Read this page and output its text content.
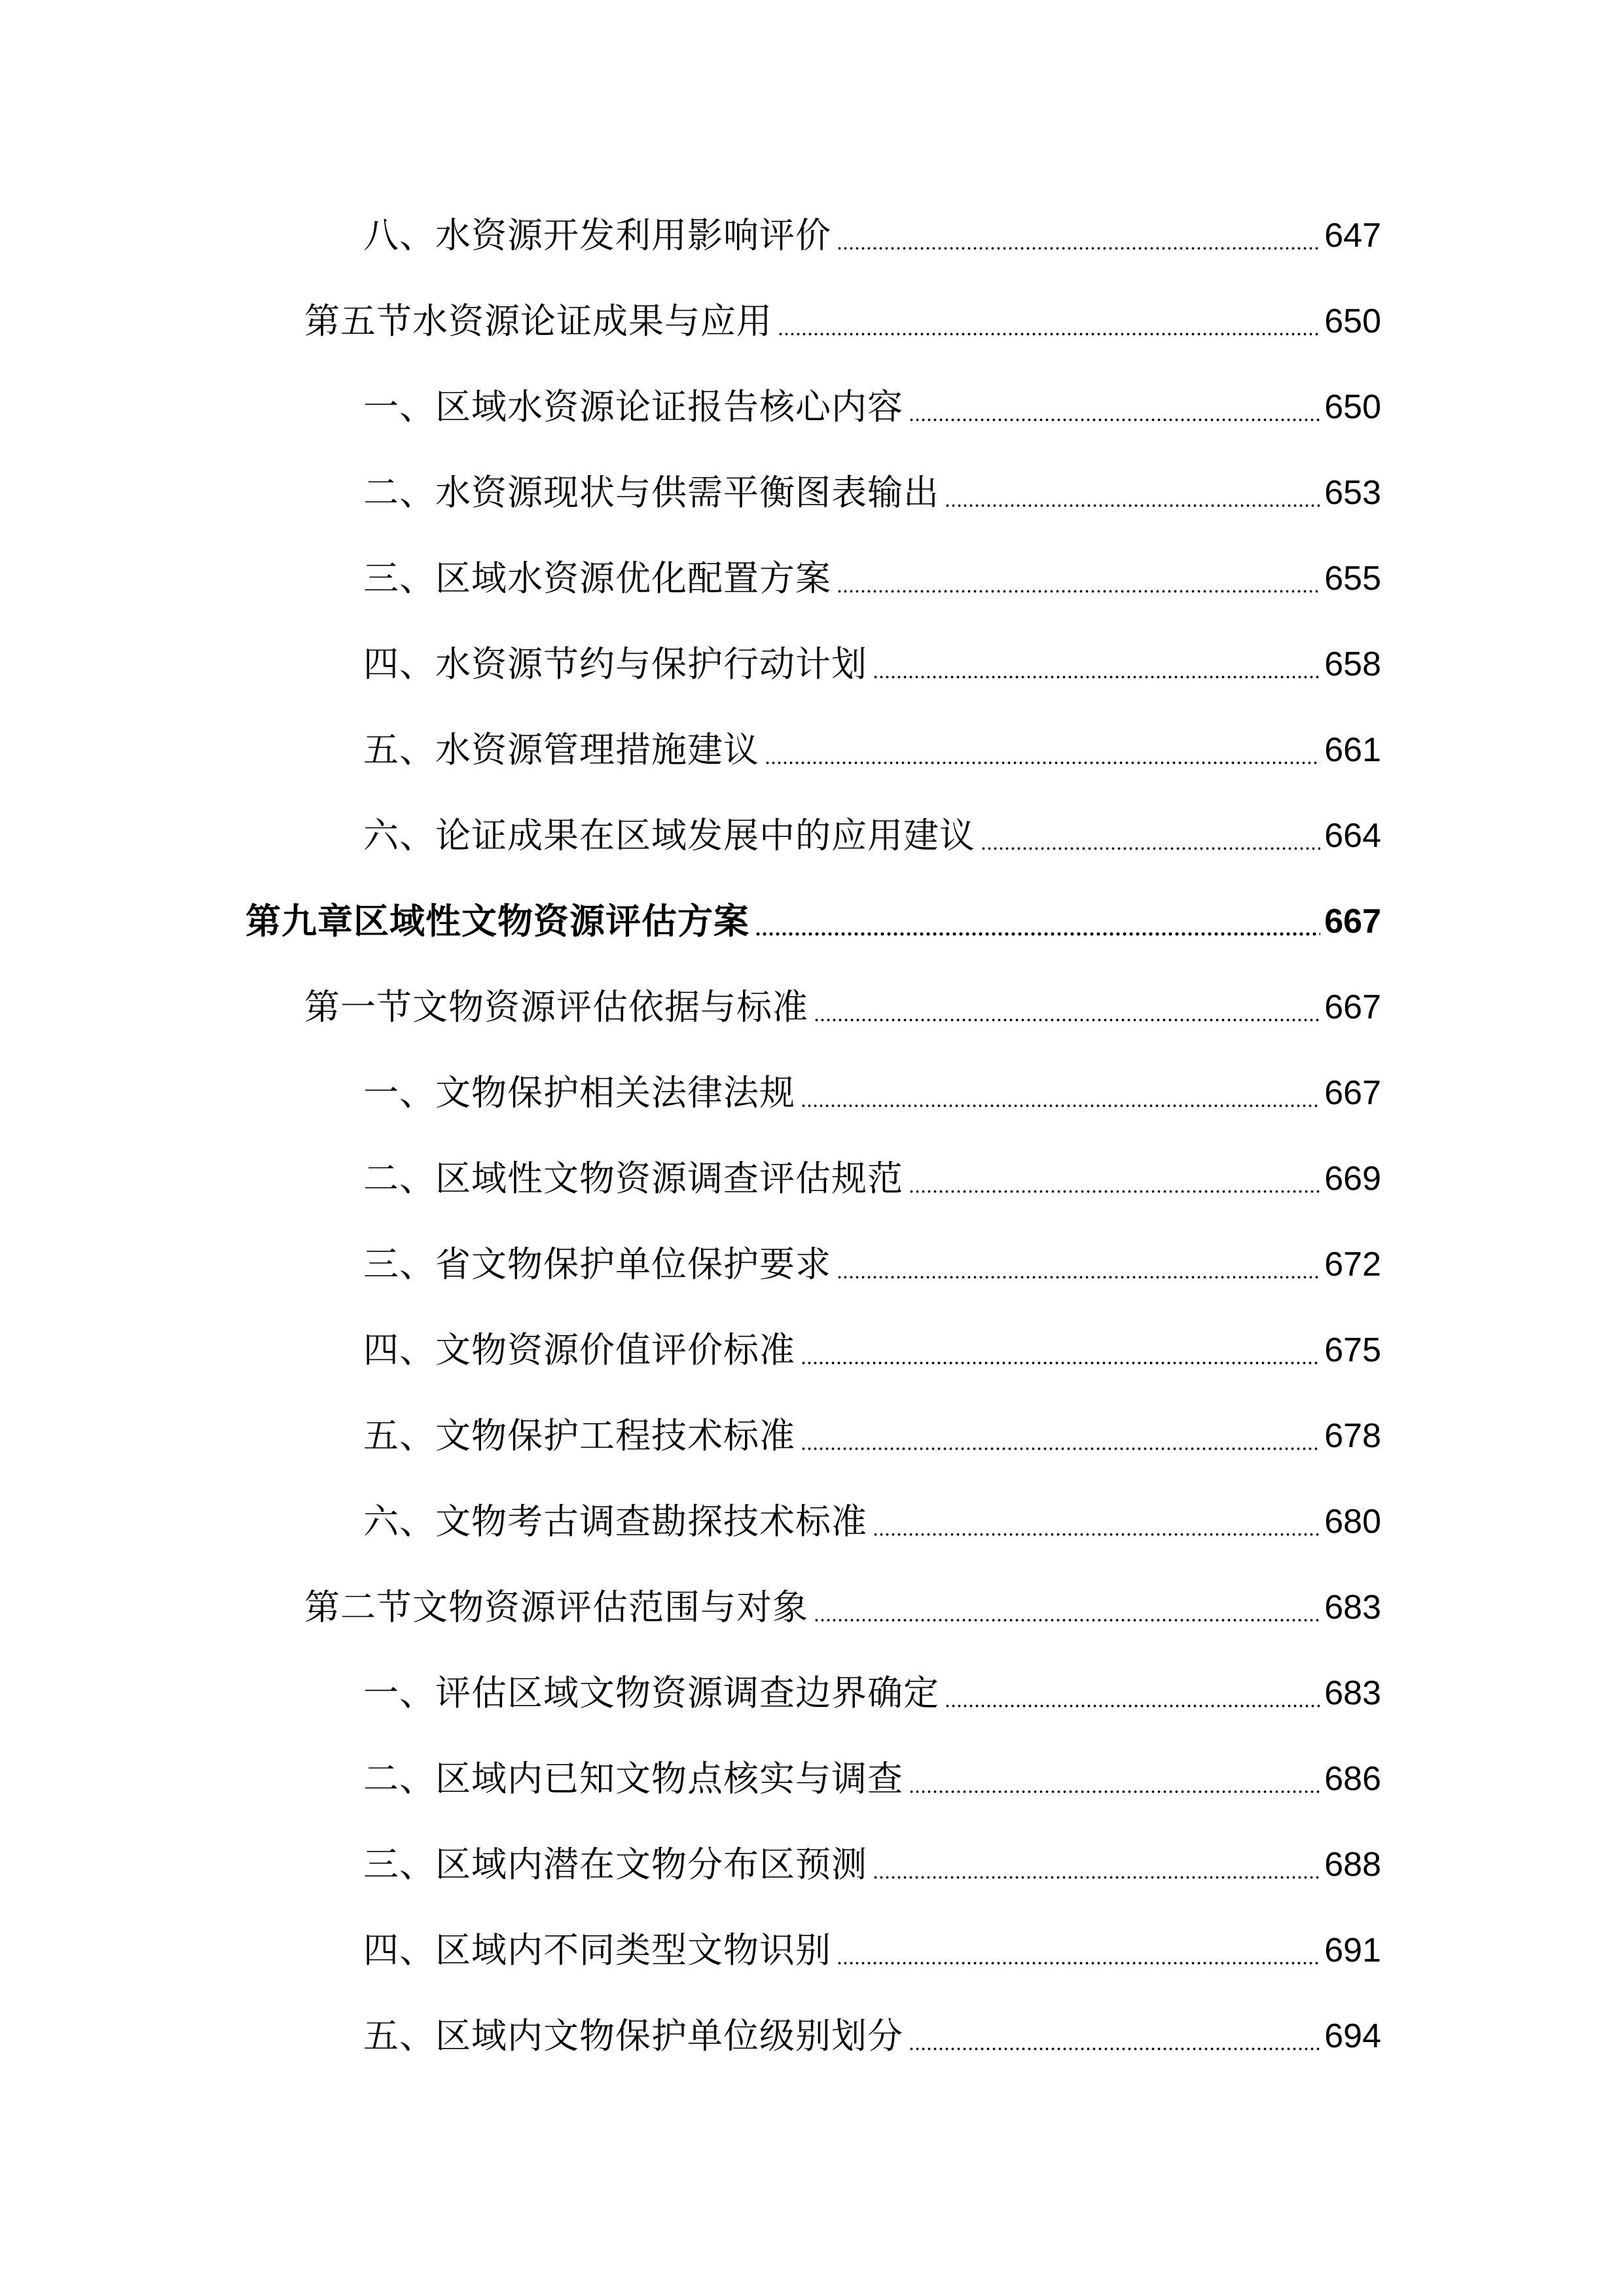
八、水资源开发利用影响评价	647
第五节水资源论证成果与应用	650
一、区域水资源论证报告核心内容	650
二、水资源现状与供需平衡图表输出	653
三、区域水资源优化配置方案	655
四、水资源节约与保护行动计划	658
五、水资源管理措施建议	661
六、论证成果在区域发展中的应用建议	664
第九章区域性文物资源评估方案	667
第一节文物资源评估依据与标准	667
一、文物保护相关法律法规	667
二、区域性文物资源调查评估规范	669
三、省文物保护单位保护要求	672
四、文物资源价值评价标准	675
五、文物保护工程技术标准	678
六、文物考古调查勘探技术标准	680
第二节文物资源评估范围与对象	683
一、评估区域文物资源调查边界确定	683
二、区域内已知文物点核实与调查	686
三、区域内潜在文物分布区预测	688
四、区域内不同类型文物识别	691
五、区域内文物保护单位级别划分	694
